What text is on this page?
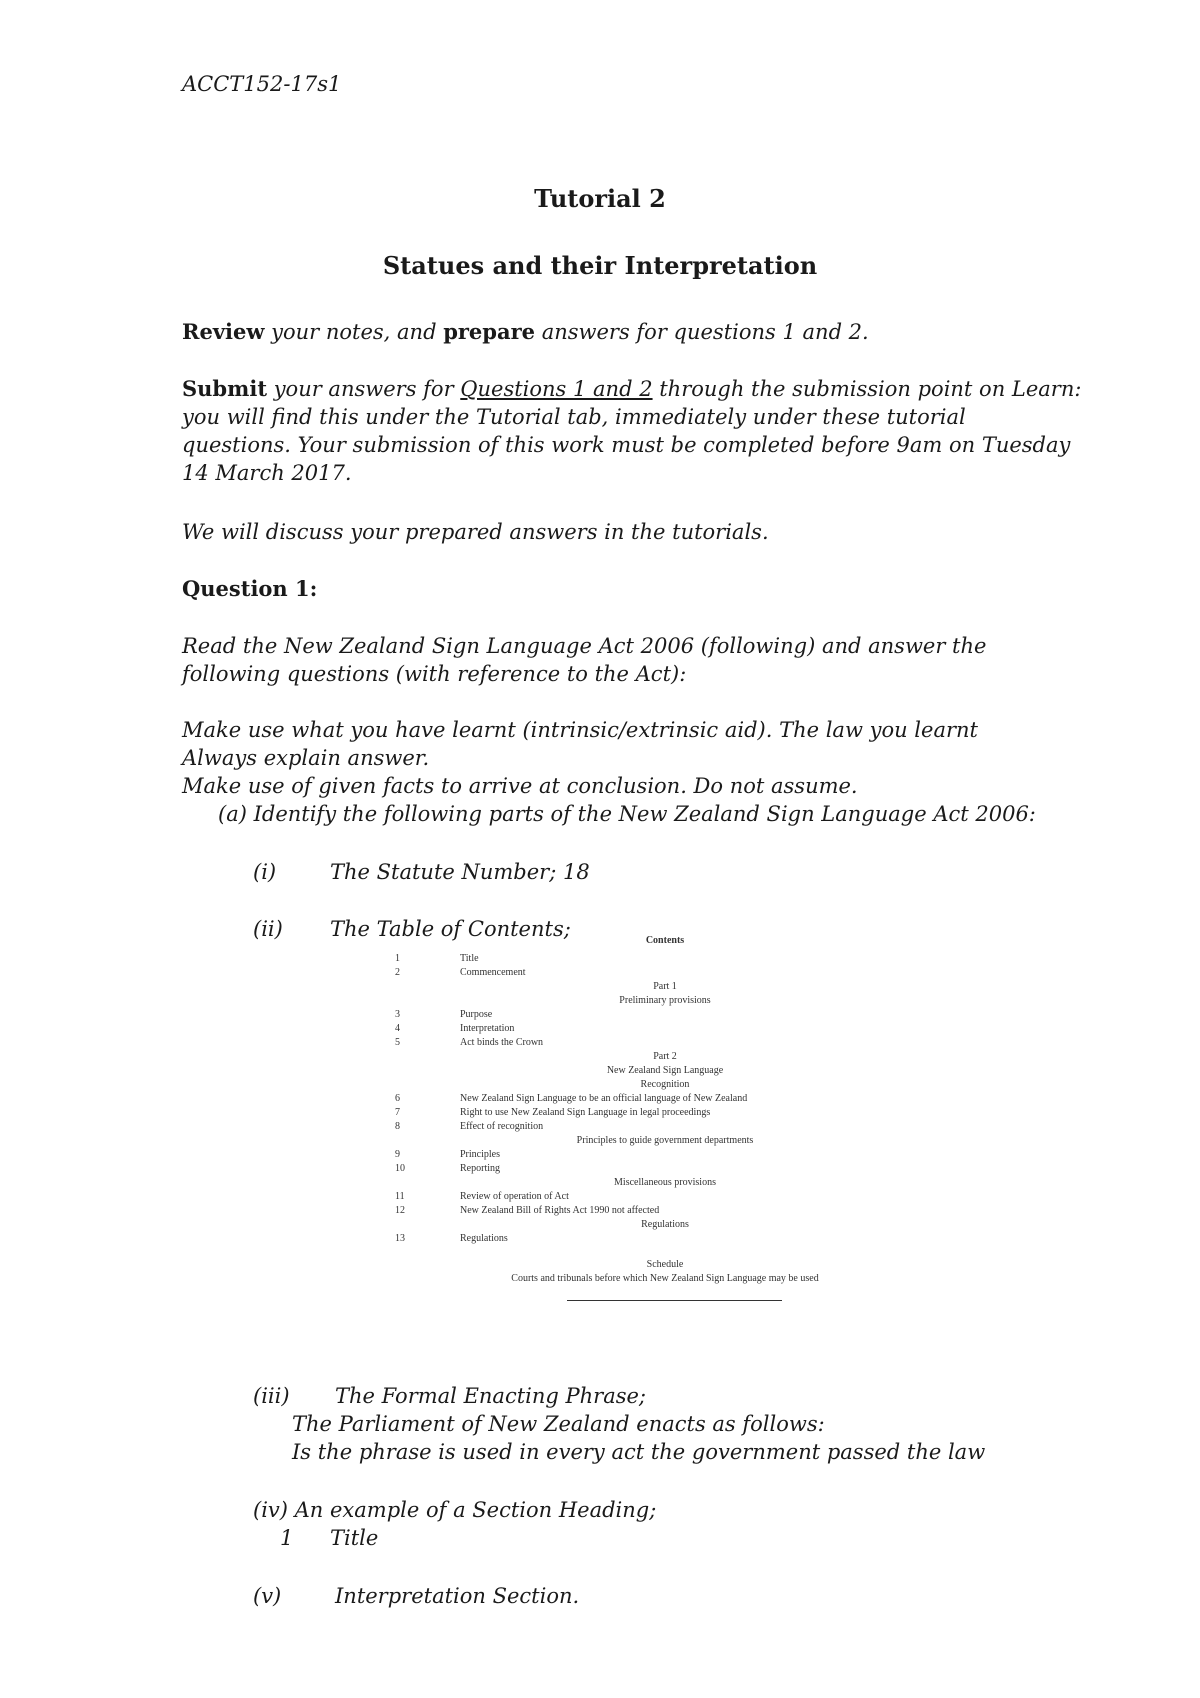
ACCT152-17s1
Tutorial 2
Statues and their Interpretation
Review your notes, and prepare answers for questions 1 and 2.
Submit your answers for Questions 1 and 2 through the submission point on Learn:
you will find this under the Tutorial tab, immediately under these tutorial
questions. Your submission of this work must be completed before 9am on Tuesday
14 March 2017.
We will discuss your prepared answers in the tutorials.
Question 1:
Read the New Zealand Sign Language Act 2006 (following) and answer the
following questions (with reference to the Act):
Make use what you have learnt (intrinsic/extrinsic aid). The law you learnt
Always explain answer.
Make use of given facts to arrive at conclusion. Do not assume.
(a) Identify the following parts of the New Zealand Sign Language Act 2006:
(i)	The Statute Number; 18
(ii) The Table of Contents;	Contents
1	Title
2	Commencement
Part 1
Preliminary provisions
3	Purpose
4	Interpretation
5	Act binds the Crown
Part 2
New Zealand Sign Language
Recognition
6	New Zealand Sign Language to be an official language of New Zealand
7	Right to use New Zealand Sign Language in legal proceedings
8	Effect of recognition
Principles to guide government departments
9	Principles
10	Reporting
Miscellaneous provisions
11	Review of operation of Act
12	New Zealand Bill of Rights Act 1990 not affected
Regulations
13	Regulations
Schedule
Courts and tribunals before which New Zealand Sign Language may be used
(iii) The Formal Enacting Phrase;
The Parliament of New Zealand enacts as follows:
Is the phrase is used in every act the government passed the law
(iv) An example of a Section Heading;
1 Title
(v)	Interpretation Section.
